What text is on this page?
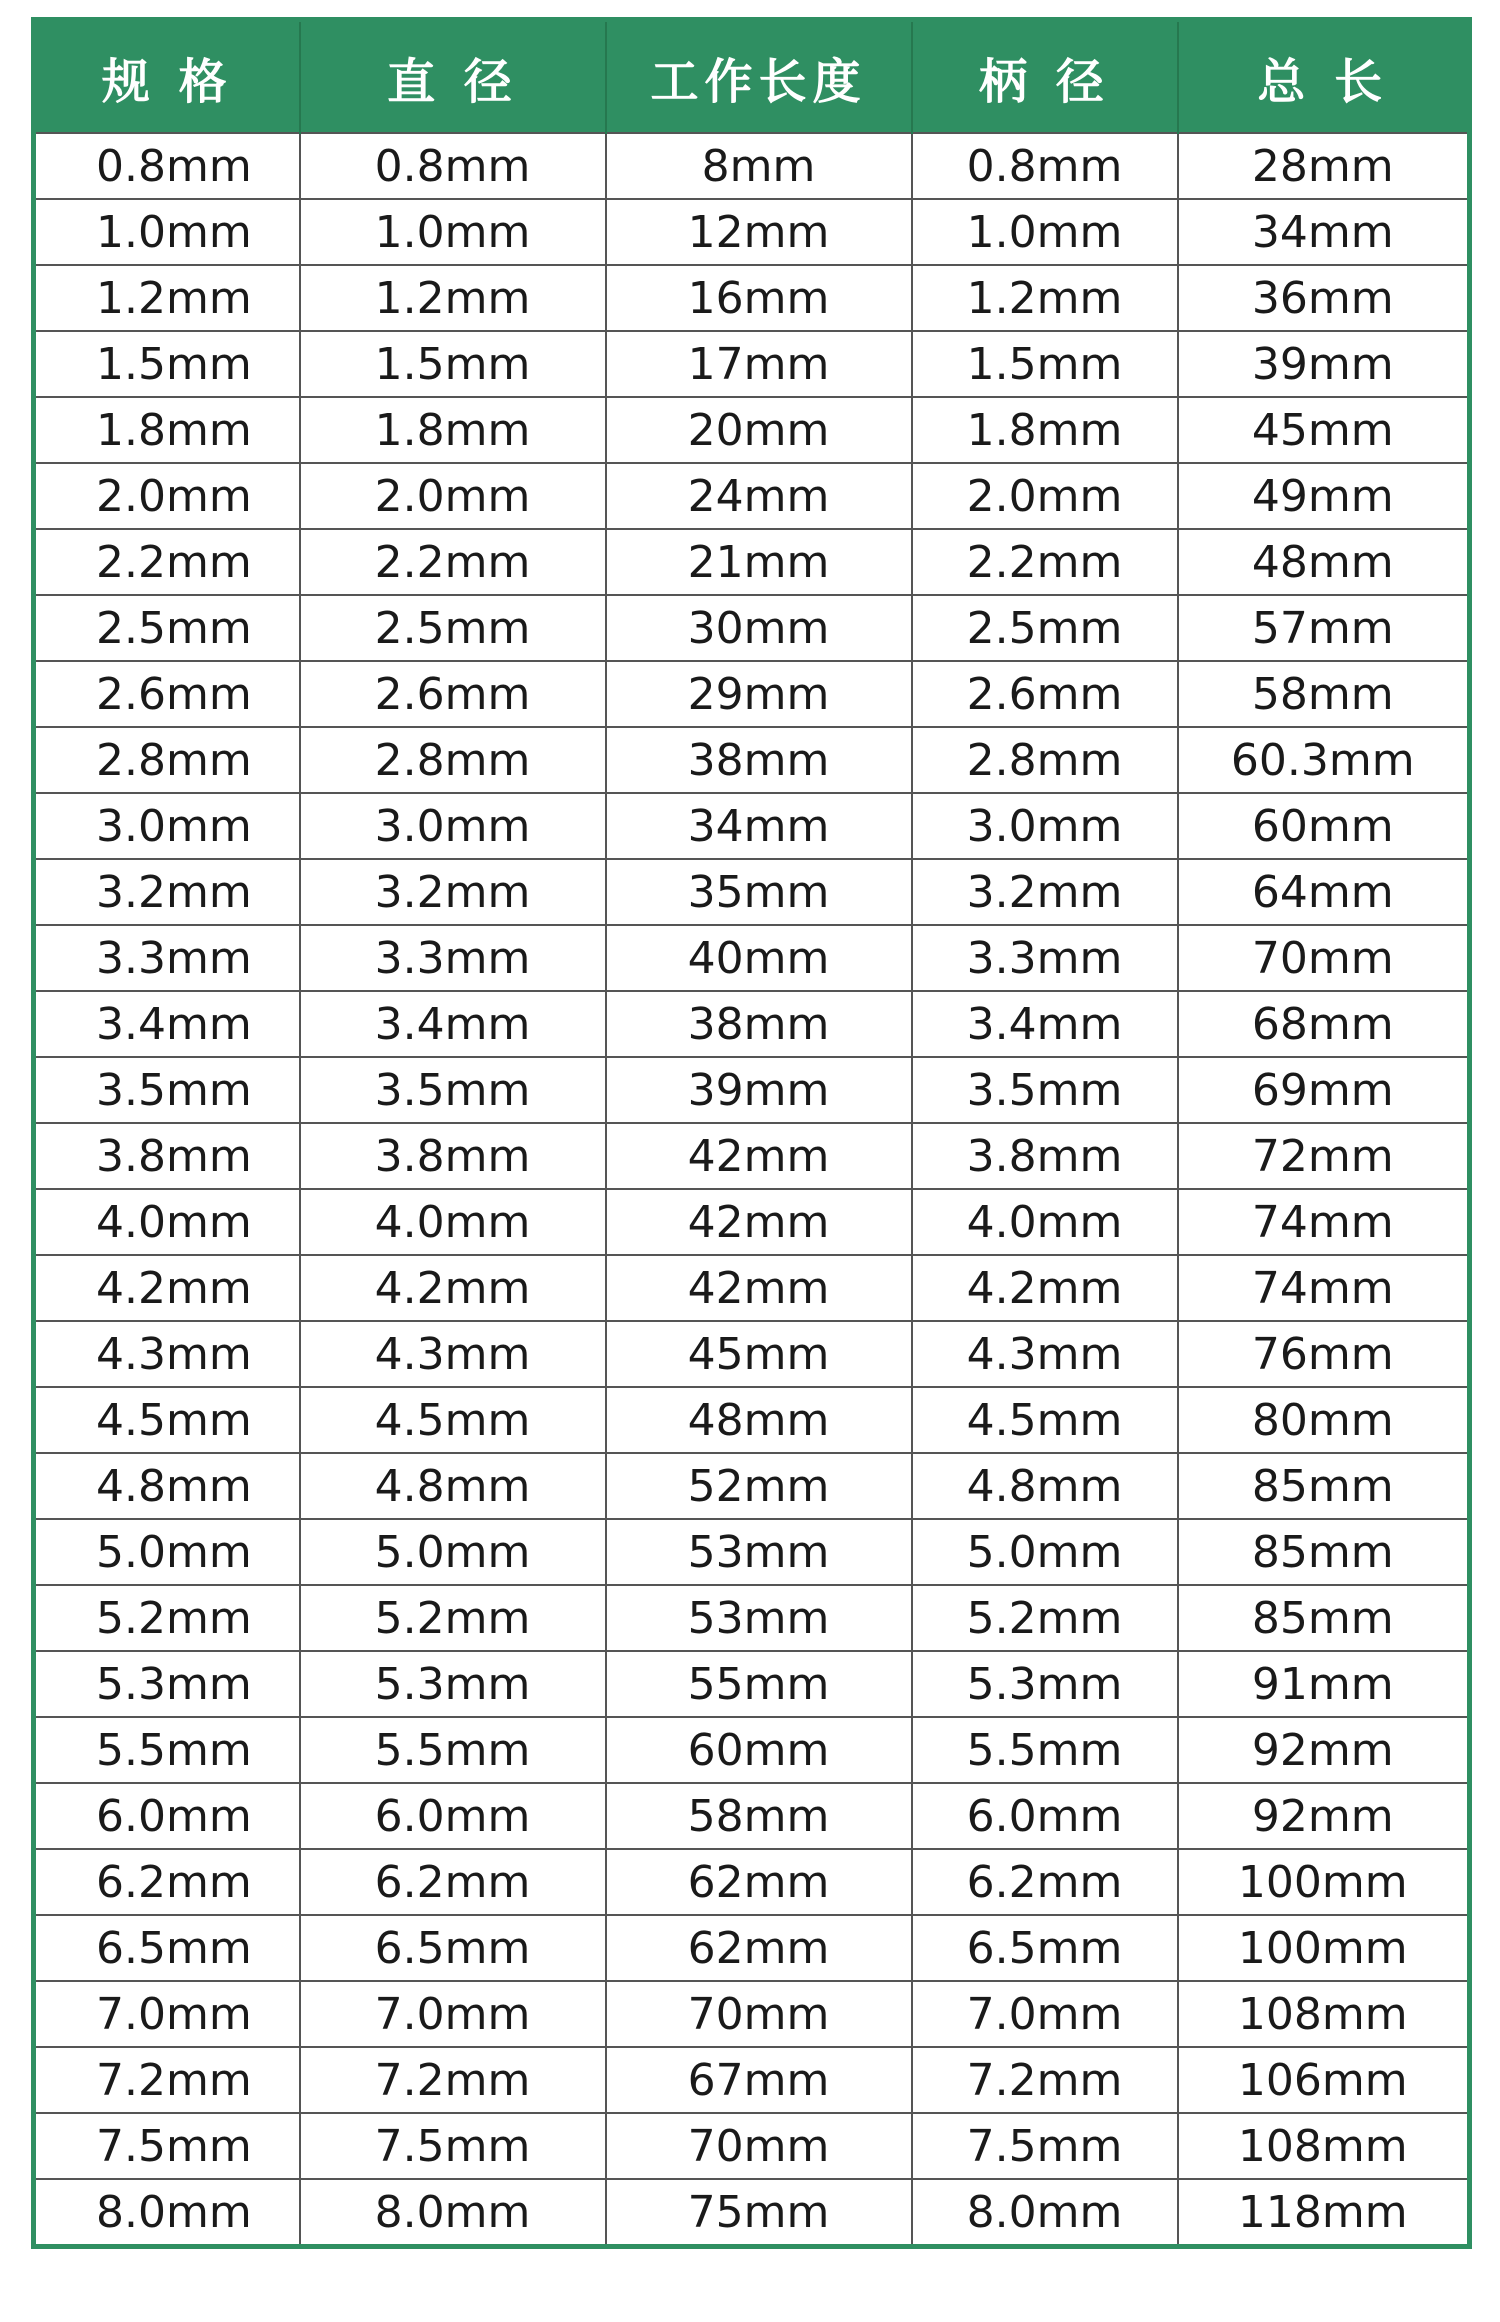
规 格	直 径	工作长度	柄 径	总 长
0.8mm	0.8mm	8mm	0.8mm	28mm
1.0mm	1.0mm	12mm	1.0mm	34mm
1.2mm	1.2mm	16mm	1.2mm	36mm
1.5mm	1.5mm	17mm	1.5mm	39mm
1.8mm	1.8mm	20mm	1.8mm	45mm
2.0mm	2.0mm	24mm	2.0mm	49mm
2.2mm	2.2mm	21mm	2.2mm	48mm
2.5mm	2.5mm	30mm	2.5mm	57mm
2.6mm	2.6mm	29mm	2.6mm	58mm
2.8mm	2.8mm	38mm	2.8mm	60.3mm
3.0mm	3.0mm	34mm	3.0mm	60mm
3.2mm	3.2mm	35mm	3.2mm	64mm
3.3mm	3.3mm	40mm	3.3mm	70mm
3.4mm	3.4mm	38mm	3.4mm	68mm
3.5mm	3.5mm	39mm	3.5mm	69mm
3.8mm	3.8mm	42mm	3.8mm	72mm
4.0mm	4.0mm	42mm	4.0mm	74mm
4.2mm	4.2mm	42mm	4.2mm	74mm
4.3mm	4.3mm	45mm	4.3mm	76mm
4.5mm	4.5mm	48mm	4.5mm	80mm
4.8mm	4.8mm	52mm	4.8mm	85mm
5.0mm	5.0mm	53mm	5.0mm	85mm
5.2mm	5.2mm	53mm	5.2mm	85mm
5.3mm	5.3mm	55mm	5.3mm	91mm
5.5mm	5.5mm	60mm	5.5mm	92mm
6.0mm	6.0mm	58mm	6.0mm	92mm
6.2mm	6.2mm	62mm	6.2mm	100mm
6.5mm	6.5mm	62mm	6.5mm	100mm
7.0mm	7.0mm	70mm	7.0mm	108mm
7.2mm	7.2mm	67mm	7.2mm	106mm
7.5mm	7.5mm	70mm	7.5mm	108mm
8.0mm	8.0mm	75mm	8.0mm	118mm
